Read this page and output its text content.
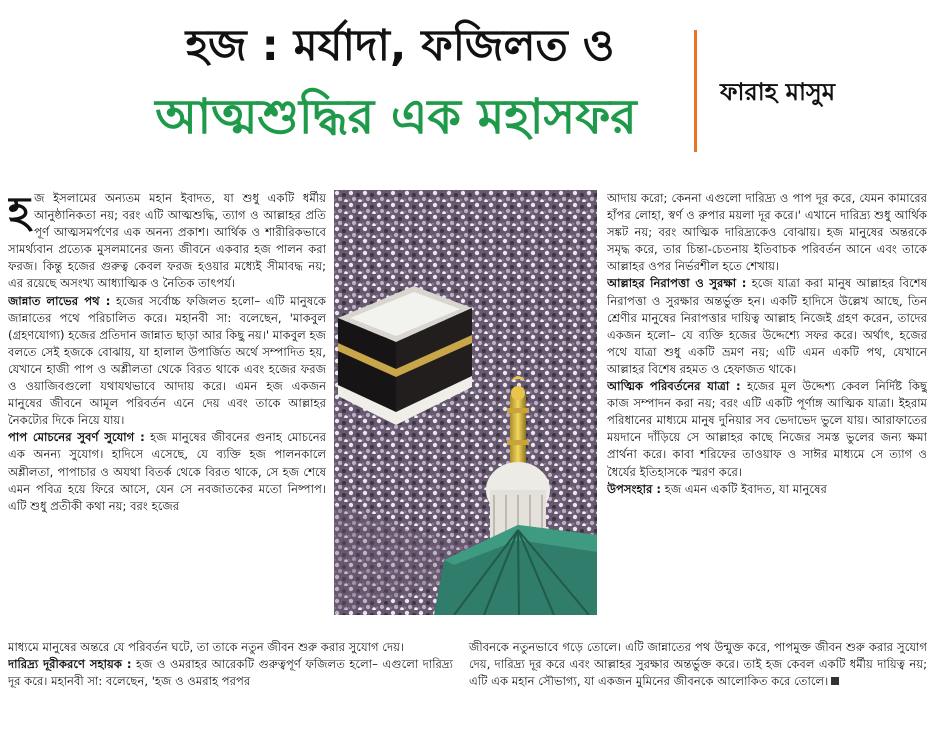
হজ : মর্যাদা, ফজিলত ও
আত্মশুদ্ধির এক মহাসফর	ফারাহ মাসুম

হজ ইসলামের অন্যতম মহান ইবাদত, যা শুধু একটি ধর্মীয় আনুষ্ঠানিকতা নয়; বরং এটি আত্মশুদ্ধি, ত্যাগ ও আল্লাহর প্রতি পূর্ণ আত্মসমর্পণের এক অনন্য প্রকাশ। আর্থিক ও শারীরিকভাবে সামর্থ্যবান প্রত্যেক মুসলমানের জন্য জীবনে একবার হজ পালন করা ফরজ। কিন্তু হজের গুরুত্ব কেবল ফরজ হওয়ার মধ্যেই সীমাবদ্ধ নয়; এর রয়েছে অসংখ্য আধ্যাত্মিক ও নৈতিক তাৎপর্য।

জান্নাত লাভের পথ : হজের সর্বোচ্চ ফজিলত হলো– এটি মানুষকে জান্নাতের পথে পরিচালিত করে। মহানবী সা: বলেছেন, 'মাকবুল (গ্রহণযোগ্য) হজের প্রতিদান জান্নাত ছাড়া আর কিছু নয়।' মাকবুল হজ বলতে সেই হজকে বোঝায়, যা হালাল উপার্জিত অর্থে সম্পাদিত হয়, যেখানে হাজী পাপ ও অশ্লীলতা থেকে বিরত থাকে এবং হজের ফরজ ও ওয়াজিবগুলো যথাযথভাবে আদায় করে। এমন হজ একজন মানুষের জীবনে আমূল পরিবর্তন এনে দেয় এবং তাকে আল্লাহর নৈকট্যের দিকে নিয়ে যায়।

পাপ মোচনের সুবর্ণ সুযোগ : হজ মানুষের জীবনের গুনাহ মোচনের এক অনন্য সুযোগ। হাদিসে এসেছে, যে ব্যক্তি হজ পালনকালে অশ্লীলতা, পাপাচার ও অযথা বিতর্ক থেকে বিরত থাকে, সে হজ শেষে এমন পবিত্র হয়ে ফিরে আসে, যেন সে নবজাতকের মতো নিষ্পাপ। এটি শুধু প্রতীকী কথা নয়; বরং হজের

আদায় করো; কেননা এগুলো দারিদ্র্য ও পাপ দূর করে, যেমন কামারের হাঁপর লোহা, স্বর্ণ ও রুপার ময়লা দূর করে।' এখানে দারিদ্র্য শুধু আর্থিক সঙ্কট নয়; বরং আত্মিক দারিদ্র্যকেও বোঝায়। হজ মানুষের অন্তরকে সমৃদ্ধ করে, তার চিন্তা-চেতনায় ইতিবাচক পরিবর্তন আনে এবং তাকে আল্লাহর ওপর নির্ভরশীল হতে শেখায়।

আল্লাহর নিরাপত্তা ও সুরক্ষা : হজে যাত্রা করা মানুষ আল্লাহর বিশেষ নিরাপত্তা ও সুরক্ষার অন্তর্ভুক্ত হন। একটি হাদিসে উল্লেখ আছে, তিন শ্রেণীর মানুষের নিরাপত্তার দায়িত্ব আল্লাহ নিজেই গ্রহণ করেন, তাদের একজন হলো– যে ব্যক্তি হজের উদ্দেশ্যে সফর করে। অর্থাৎ, হজের পথে যাত্রা শুধু একটি ভ্রমণ নয়; এটি এমন একটি পথ, যেখানে আল্লাহর বিশেষ রহমত ও হেফাজত থাকে।

আত্মিক পরিবর্তনের যাত্রা : হজের মূল উদ্দেশ্য কেবল নির্দিষ্ট কিছু কাজ সম্পাদন করা নয়; বরং এটি একটি পূর্ণাঙ্গ আত্মিক যাত্রা। ইহরাম পরিধানের মাধ্যমে মানুষ দুনিয়ার সব ভেদাভেদ ভুলে যায়। আরাফাতের ময়দানে দাঁড়িয়ে সে আল্লাহর কাছে নিজের সমস্ত ভুলের জন্য ক্ষমা প্রার্থনা করে। কাবা শরিফের তাওয়াফ ও সাঈর মাধ্যমে সে ত্যাগ ও ধৈর্যের ইতিহাসকে স্মরণ করে।

উপসংহার : হজ এমন একটি ইবাদত, যা মানুষের

মাধ্যমে মানুষের অন্তরে যে পরিবর্তন ঘটে, তা তাকে নতুন জীবন শুরু করার সুযোগ দেয়।

দারিদ্র্য দূরীকরণে সহায়ক : হজ ও ওমরাহর আরেকটি গুরুত্বপূর্ণ ফজিলত হলো– এগুলো দারিদ্র্য দূর করে। মহানবী সা: বলেছেন, 'হজ ও ওমরাহ পরপর

জীবনকে নতুনভাবে গড়ে তোলে। এটি জান্নাতের পথ উন্মুক্ত করে, পাপমুক্ত জীবন শুরু করার সুযোগ দেয়, দারিদ্র্য দূর করে এবং আল্লাহর সুরক্ষার অন্তর্ভুক্ত করে। তাই হজ কেবল একটি ধর্মীয় দায়িত্ব নয়; এটি এক মহান সৌভাগ্য, যা একজন মুমিনের জীবনকে আলোকিত করে তোলে।
